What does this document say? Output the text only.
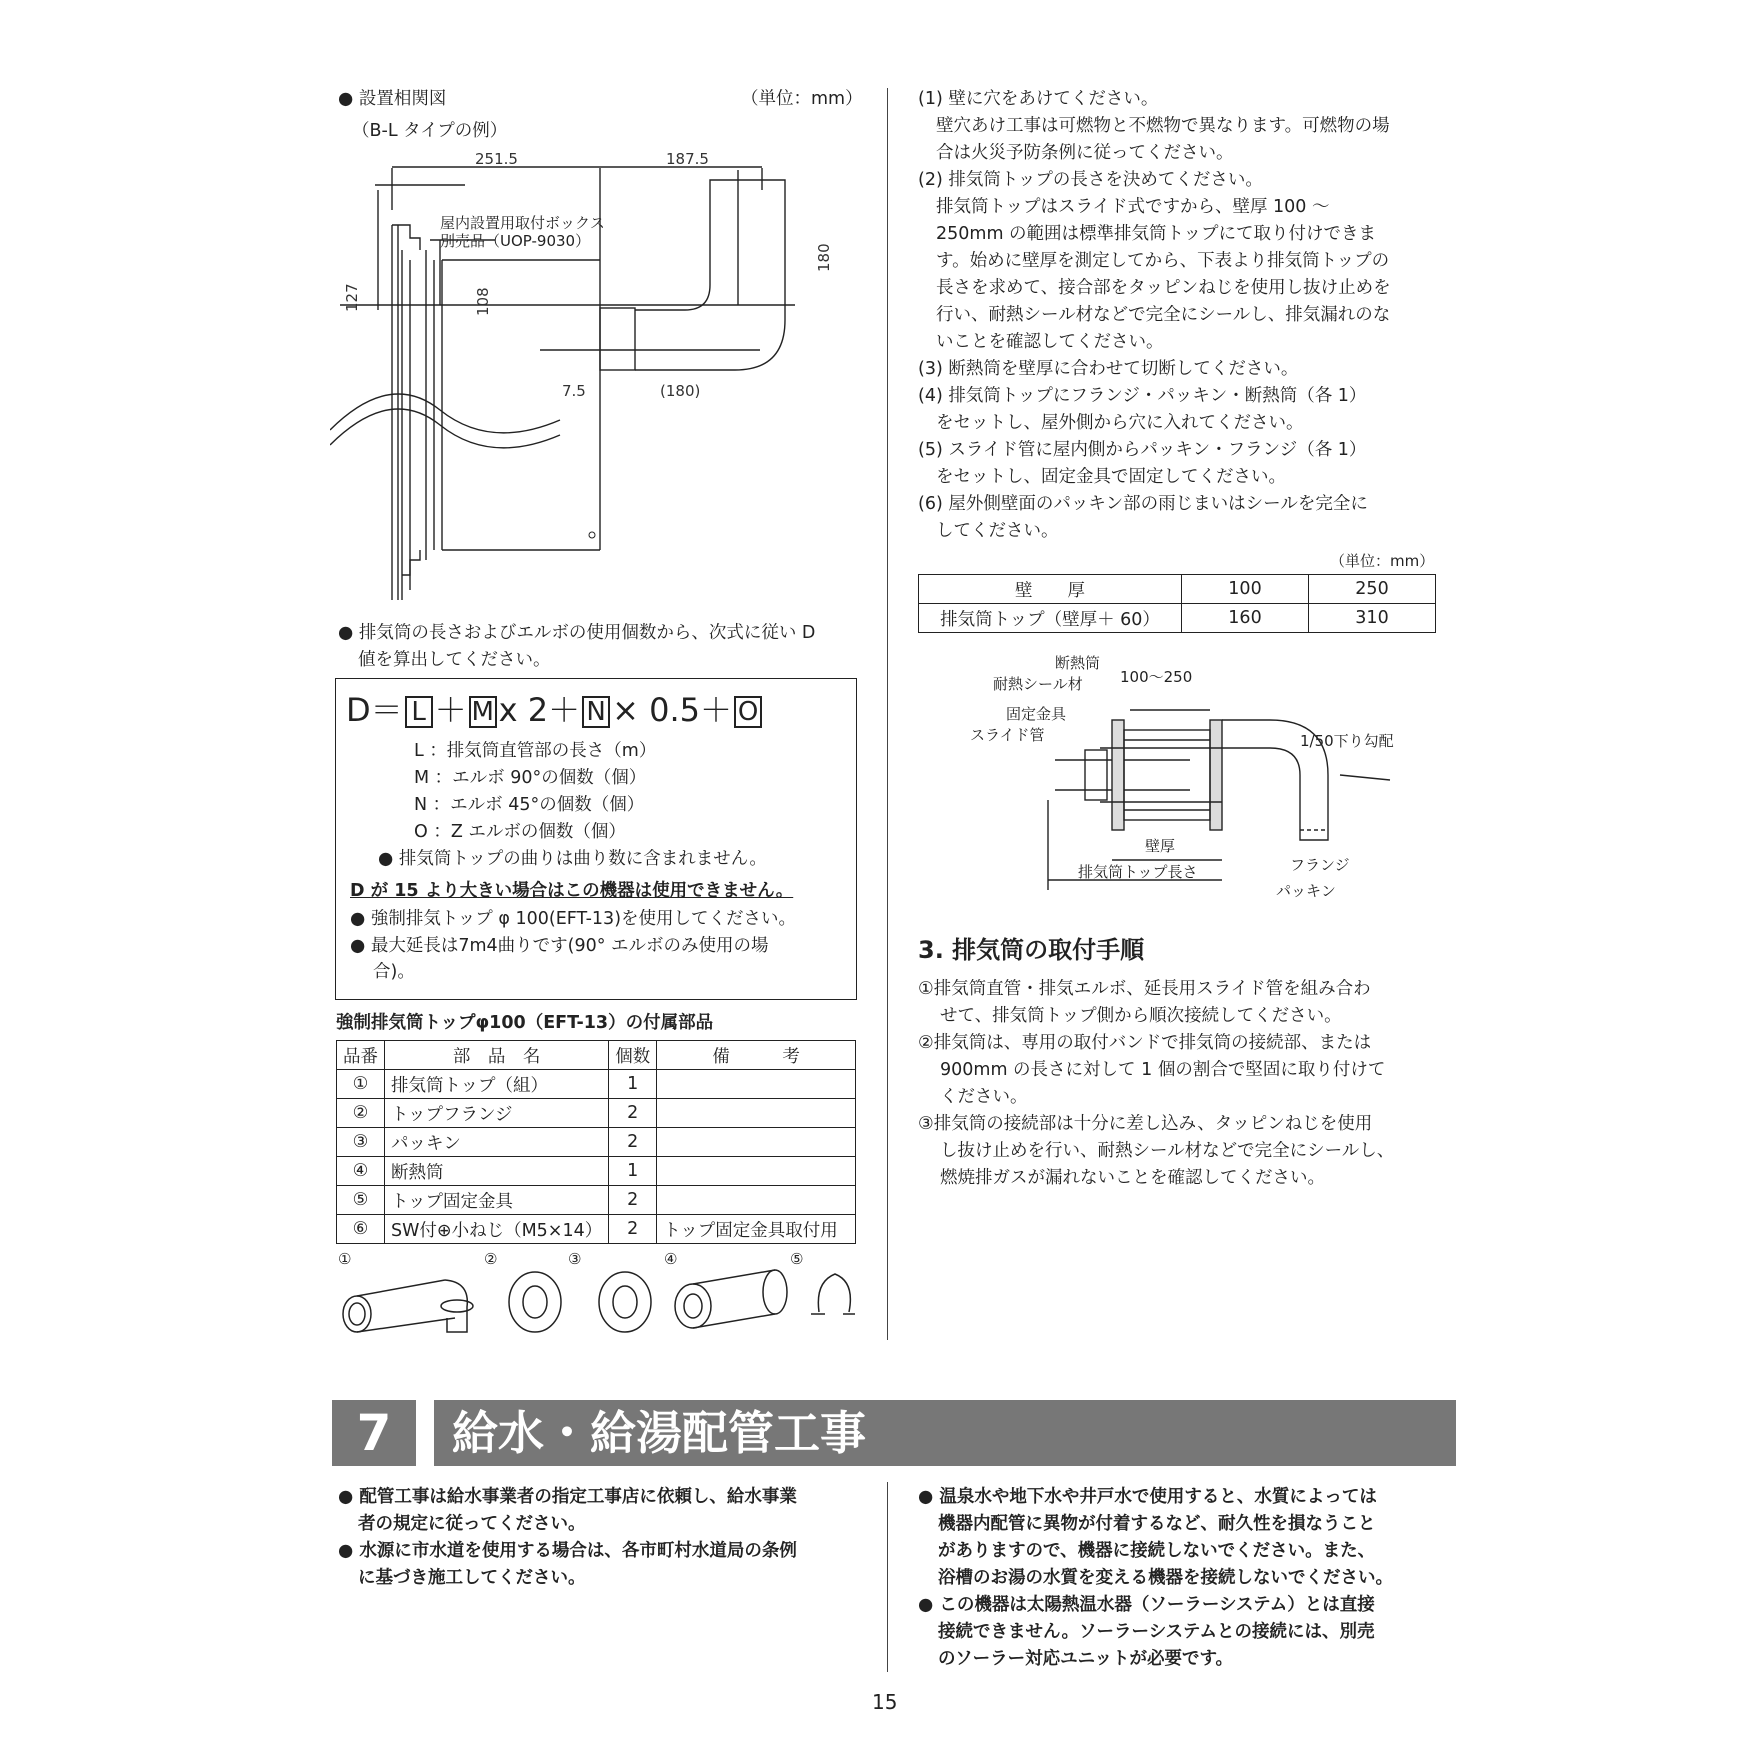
● 設置相関図	（単位：mm）
（B-L タイプの例）
251.5	187.5
127	108
180
7.5	(180)
屋内設置用取付ボックス
別売品（UOP-9030）
● 排気筒の長さおよびエルボの使用個数から、次式に従い D
値を算出してください。
D＝ L ＋ M x 2＋ N × 0.5＋ O
L ：排気筒直管部の長さ（m）
M ：エルボ 90°の個数（個）
N ：エルボ 45°の個数（個）
O ：Z エルボの個数（個）
● 排気筒トップの曲りは曲り数に含まれません。
D が 15 より大きい場合はこの機器は使用できません。
● 強制排気トップ φ 100(EFT-13)を使用してください。
● 最大延長は7m4曲りです(90° エルボのみ使用の場
合)。
強制排気筒トップφ100（EFT-13）の付属部品
品番	部　品　名	個数	備　　　考
①	排気筒トップ（組）	1	
②	トップフランジ	2	
③	パッキン	2	
④	断熱筒	1	
⑤	トップ固定金具	2	
⑥	SW付⊕小ねじ（M5×14）	2	トップ固定金具取付用
①	②	③	④	⑤
(1) 壁に穴をあけてください。
壁穴あけ工事は可燃物と不燃物で異なります。可燃物の場
合は火災予防条例に従ってください。
(2) 排気筒トップの長さを決めてください。
排気筒トップはスライド式ですから、壁厚 100 ～
250mm の範囲は標準排気筒トップにて取り付けできま
す。始めに壁厚を測定してから、下表より排気筒トップの
長さを求めて、接合部をタッピンねじを使用し抜け止めを
行い、耐熱シール材などで完全にシールし、排気漏れのな
いことを確認してください。
(3) 断熱筒を壁厚に合わせて切断してください。
(4) 排気筒トップにフランジ・パッキン・断熱筒（各 1）
をセットし、屋外側から穴に入れてください。
(5) スライド管に屋内側からパッキン・フランジ（各 1）
をセットし、固定金具で固定してください。
(6) 屋外側壁面のパッキン部の雨じまいはシールを完全に
してください。
（単位：mm）
壁　　厚	100	250
排気筒トップ（壁厚＋ 60）	160	310
断熱筒
耐熱シール材 100〜250
固定金具
スライド管	1/50下り勾配
壁厚
排気筒トップ長さ	フランジ
パッキン
3. 排気筒の取付手順
①排気筒直管・排気エルボ、延長用スライド管を組み合わ
せて、排気筒トップ側から順次接続してください。
②排気筒は、専用の取付バンドで排気筒の接続部、または
900mm の長さに対して 1 個の割合で堅固に取り付けて
ください。
③排気筒の接続部は十分に差し込み、タッピンねじを使用
し抜け止めを行い、耐熱シール材などで完全にシールし、
燃焼排ガスが漏れないことを確認してください。
7	給水・給湯配管工事
● 配管工事は給水事業者の指定工事店に依頼し、給水事業
者の規定に従ってください。
● 水源に市水道を使用する場合は、各市町村水道局の条例
に基づき施工してください。
● 温泉水や地下水や井戸水で使用すると、水質によっては
機器内配管に異物が付着するなど、耐久性を損なうこと
がありますので、機器に接続しないでください。また、
浴槽のお湯の水質を変える機器を接続しないでください。
● この機器は太陽熱温水器（ソーラーシステム）とは直接
接続できません。ソーラーシステムとの接続には、別売
のソーラー対応ユニットが必要です。
15
